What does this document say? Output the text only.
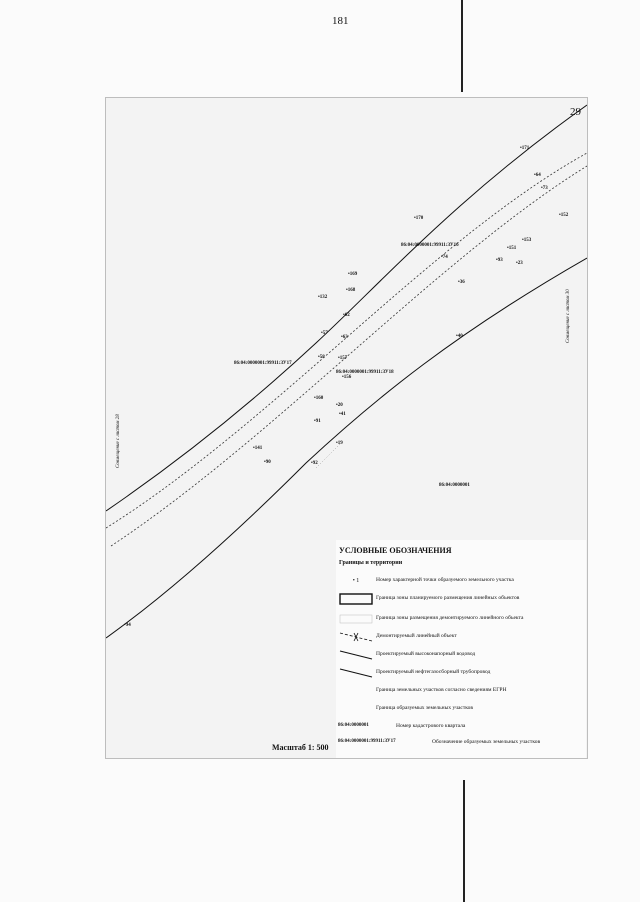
181
29
Совмещение с листом 28
Совмещение с листом 30
86:04:0000001:99911:ЗУ16
86:04:0000001:99911:ЗУ17
86:04:0000001:99911:ЗУ18
86:04:0000001
•171
•64
•73
•152
•170
•153
•74
•151
•93
•23
•169
•168
•36
•132
•62
•57
•63	•40
•58	•157
•156
•160
•20
•41
•91
•19
•141
•90	•92
•94
УСЛОВНЫЕ ОБОЗНАЧЕНИЯ
Границы и территории
• 1	Номер характерной точки образуемого земельного участка
Граница зоны планируемого размещения линейных объектов
Граница зоны размещения демонтируемого линейного объекта
Демонтируемый линейный объект
Проектируемый высоконапорный водовод
Проектируемый нефтегазосборный трубопровод
Граница земельных участков согласно сведениям ЕГРН
Граница образуемых земельных участков
86:04:0000001	Номер кадастрового квартала
86:04:0000001:99911:ЗУ17	Обозначение образуемых земельных участков
Масштаб 1: 500
